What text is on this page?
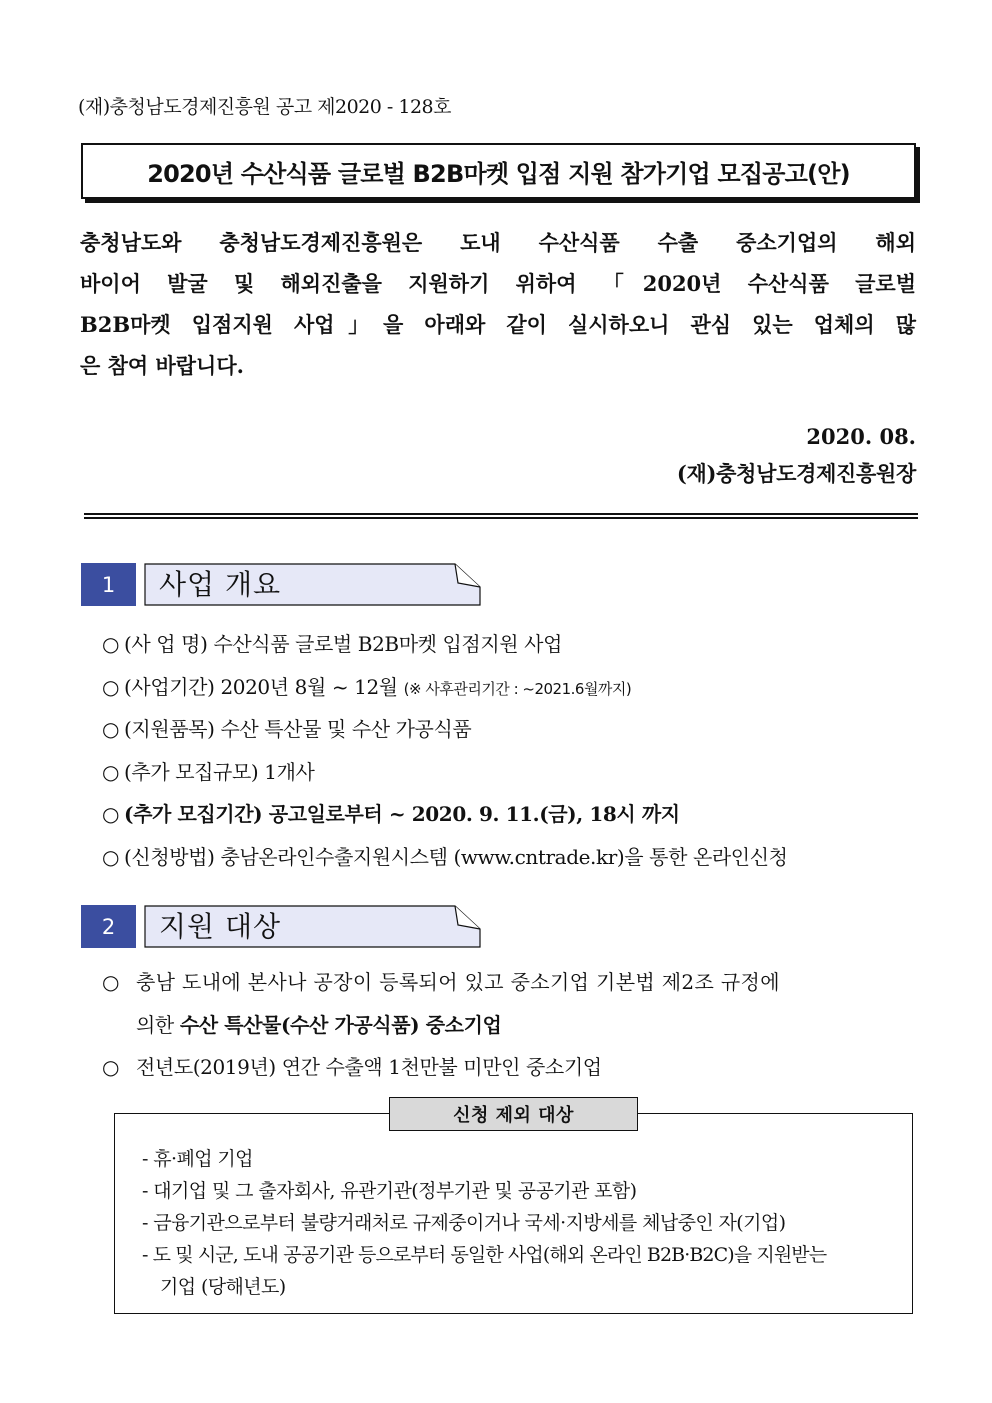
(재)충청남도경제진흥원 공고 제2020 - 128호
2020년 수산식품 글로벌 B2B마켓 입점 지원 참가기업 모집공고(안)
충청남도와 충청남도경제진흥원은 도내 수산식품 수출 중소기업의 해외
바이어 발굴 및 해외진출을 지원하기 위하여 「2020년 수산식품 글로벌
B2B마켓 입점지원 사업」을 아래와 같이 실시하오니 관심 있는 업체의 많
은 참여 바랍니다.
2020. 08.
(재)충청남도경제진흥원장
1	사업 개요
○ (사 업 명) 수산식품 글로벌 B2B마켓 입점지원 사업
○ (사업기간) 2020년 8월 ~ 12월 (※ 사후관리기간 : ~2021.6월까지)
○ (지원품목) 수산 특산물 및 수산 가공식품
○ (추가 모집규모) 1개사
○ (추가 모집기간) 공고일로부터 ~ 2020. 9. 11.(금), 18시 까지
○ (신청방법) 충남온라인수출지원시스템 (www.cntrade.kr)을 통한 온라인신청
2	지원 대상
○ 충남 도내에 본사나 공장이 등록되어 있고 중소기업 기본법 제2조 규정에
의한 수산 특산물(수산 가공식품) 중소기업
○ 전년도(2019년) 연간 수출액 1천만불 미만인 중소기업
신청 제외 대상
- 휴·폐업 기업
- 대기업 및 그 출자회사, 유관기관(정부기관 및 공공기관 포함)
- 금융기관으로부터 불량거래처로 규제중이거나 국세·지방세를 체납중인 자(기업)
- 도 및 시군, 도내 공공기관 등으로부터 동일한 사업(해외 온라인 B2B·B2C)을 지원받는
기업 (당해년도)
